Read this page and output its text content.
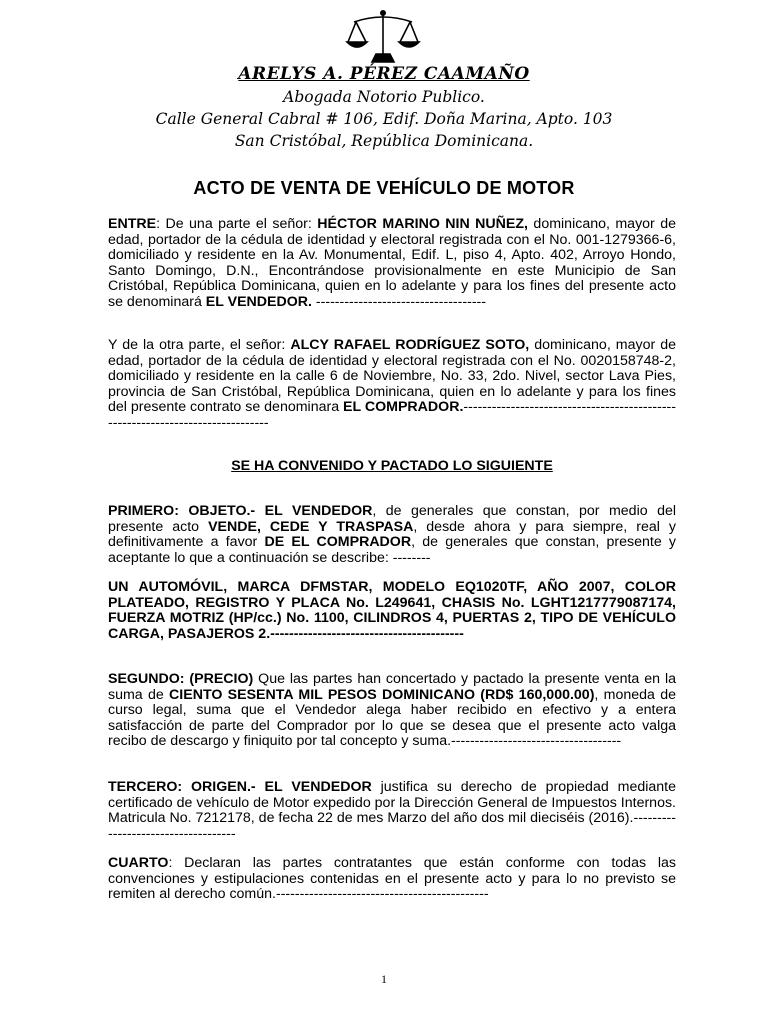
ARELYS A. PÉREZ CAAMAÑO

Abogada Notorio Publico.

Calle General Cabral # 106, Edif. Doña Marina, Apto. 103

San Cristóbal, República Dominicana.

ACTO DE VENTA DE VEHÍCULO DE MOTOR

ENTRE: De una parte el señor: HÉCTOR MARINO NIN NUÑEZ, dominicano, mayor de edad, portador de la cédula de identidad y electoral registrada con el No. 001-1279366-6, domiciliado y residente en la Av. Monumental, Edif. L, piso 4, Apto. 402, Arroyo Hondo, Santo Domingo, D.N., Encontrándose provisionalmente en este Municipio de San Cristóbal, República Dominicana, quien en lo adelante y para los fines del presente acto se denominará EL VENDEDOR. ------------------------------------

Y de la otra parte, el señor: ALCY RAFAEL RODRÍGUEZ SOTO, dominicano, mayor de edad, portador de la cédula de identidad y electoral registrada con el No. 0020158748-2, domiciliado y residente en la calle 6 de Noviembre, No. 33, 2do. Nivel, sector Lava Pies, provincia de San Cristóbal, República Dominicana, quien en lo adelante y para los fines del presente contrato se denominara EL COMPRADOR.-------------------------------------------------------------------------------

SE HA CONVENIDO Y PACTADO LO SIGUIENTE

PRIMERO: OBJETO.- EL VENDEDOR, de generales que constan, por medio del presente acto VENDE, CEDE Y TRASPASA, desde ahora y para siempre, real y definitivamente a favor DE EL COMPRADOR, de generales que constan, presente y aceptante lo que a continuación se describe: --------

UN AUTOMÓVIL, MARCA DFMSTAR, MODELO EQ1020TF, AÑO 2007, COLOR PLATEADO, REGISTRO Y PLACA No. L249641, CHASIS No. LGHT1217779087174, FUERZA MOTRIZ (HP/cc.) No. 1100, CILINDROS 4, PUERTAS 2, TIPO DE VEHÍCULO CARGA, PASAJEROS 2.-----------------------------------------

SEGUNDO: (PRECIO) Que las partes han concertado y pactado la presente venta en la suma de CIENTO SESENTA MIL PESOS DOMINICANO (RD$ 160,000.00), moneda de curso legal, suma que el Vendedor alega haber recibido en efectivo y a entera satisfacción de parte del Comprador por lo que se desea que el presente acto valga recibo de descargo y finiquito por tal concepto y suma.------------------------------------

TERCERO: ORIGEN.- EL VENDEDOR justifica su derecho de propiedad mediante certificado de vehículo de Motor expedido por la Dirección General de Impuestos Internos. Matricula No. 7212178, de fecha 22 de mes Marzo del año dos mil dieciséis (2016).------------------------------------

CUARTO: Declaran las partes contratantes que están conforme con todas las convenciones y estipulaciones contenidas en el presente acto y para lo no previsto se remiten al derecho común.---------------------------------------------

1
